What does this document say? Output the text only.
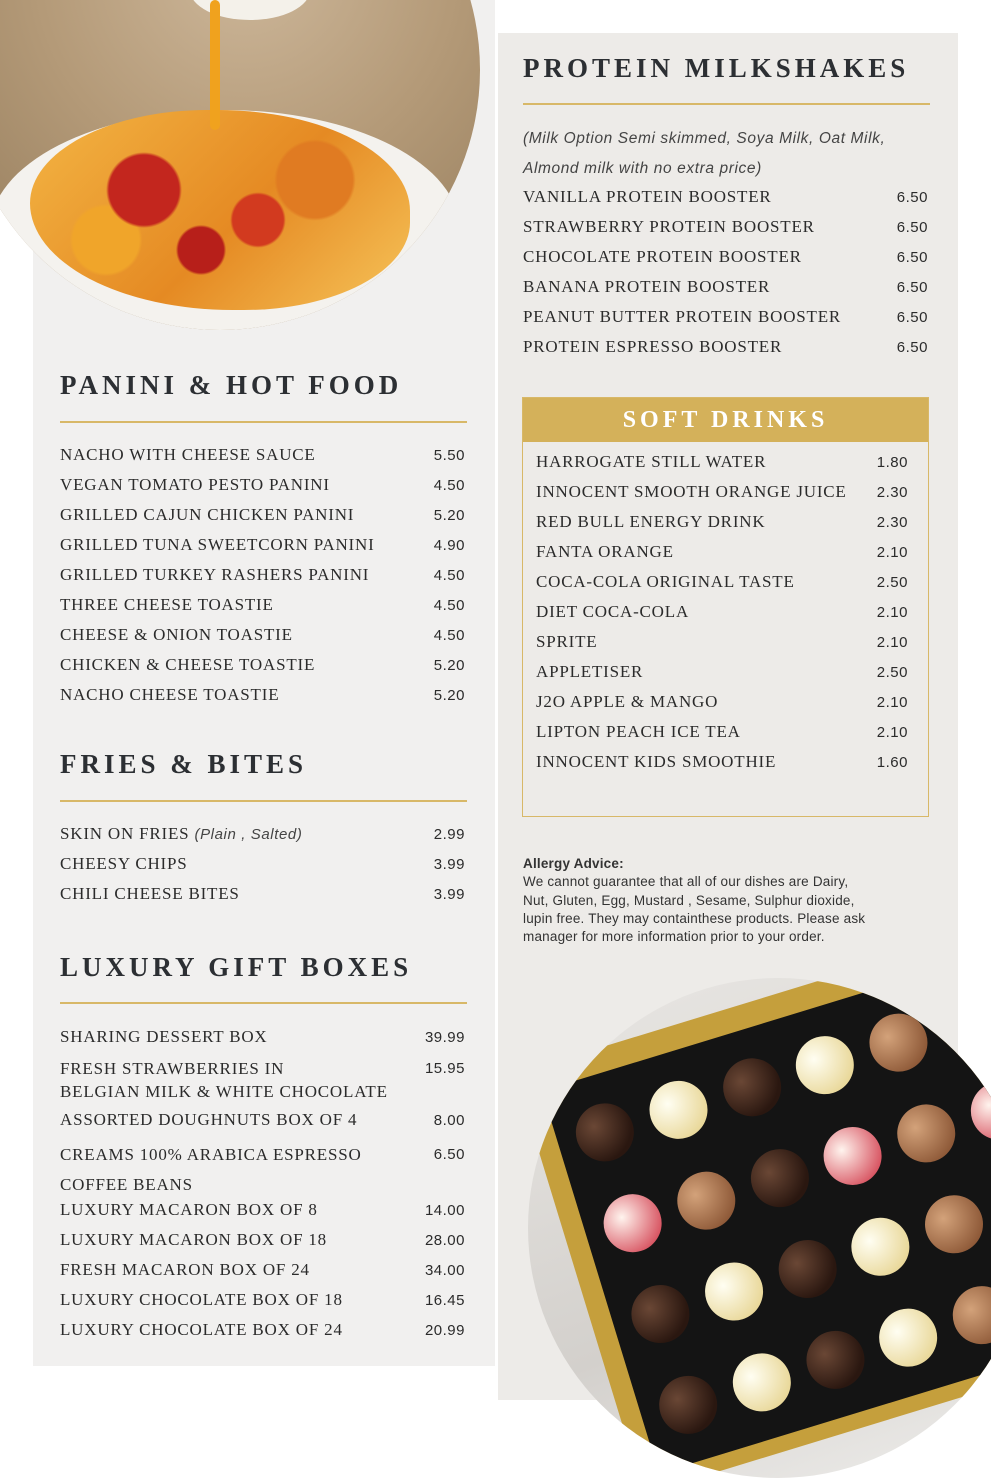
PANINI & HOT FOOD
NACHO WITH CHEESE SAUCE	5.50
VEGAN TOMATO PESTO PANINI	4.50
GRILLED CAJUN CHICKEN PANINI	5.20
GRILLED TUNA SWEETCORN PANINI	4.90
GRILLED TURKEY RASHERS PANINI	4.50
THREE CHEESE TOASTIE	4.50
CHEESE & ONION TOASTIE	4.50
CHICKEN & CHEESE TOASTIE	5.20
NACHO CHEESE TOASTIE	5.20
FRIES & BITES
SKIN ON FRIES (Plain , Salted)	2.99
CHEESY CHIPS	3.99
CHILI CHEESE BITES	3.99
LUXURY GIFT BOXES
SHARING DESSERT BOX	39.99
FRESH STRAWBERRIES IN
BELGIAN MILK & WHITE CHOCOLATE
15.95
ASSORTED DOUGHNUTS BOX OF 4	8.00
CREAMS 100% ARABICA ESPRESSO
COFFEE BEANS
6.50
LUXURY MACARON BOX OF 8	14.00
LUXURY MACARON BOX OF 18	28.00
FRESH MACARON BOX OF 24	34.00
LUXURY CHOCOLATE BOX OF 18	16.45
LUXURY CHOCOLATE BOX OF 24	20.99
PROTEIN MILKSHAKES
(Milk Option Semi skimmed, Soya Milk, Oat Milk,
Almond milk with no extra price)
VANILLA PROTEIN BOOSTER	6.50
STRAWBERRY PROTEIN BOOSTER	6.50
CHOCOLATE PROTEIN BOOSTER	6.50
BANANA PROTEIN BOOSTER	6.50
PEANUT BUTTER PROTEIN BOOSTER	6.50
PROTEIN ESPRESSO BOOSTER	6.50
SOFT DRINKS
HARROGATE STILL WATER	1.80
INNOCENT SMOOTH ORANGE JUICE 2.30
RED BULL ENERGY DRINK	2.30
FANTA ORANGE	2.10
COCA-COLA ORIGINAL TASTE	2.50
DIET COCA-COLA	2.10
SPRITE	2.10
APPLETISER	2.50
J2O APPLE & MANGO	2.10
LIPTON PEACH ICE TEA	2.10
INNOCENT KIDS SMOOTHIE	1.60
Allergy Advice:
We cannot guarantee that all of our dishes are Dairy,
Nut, Gluten, Egg, Mustard , Sesame, Sulphur dioxide,
lupin free. They may containthese products. Please ask
manager for more information prior to your order.
